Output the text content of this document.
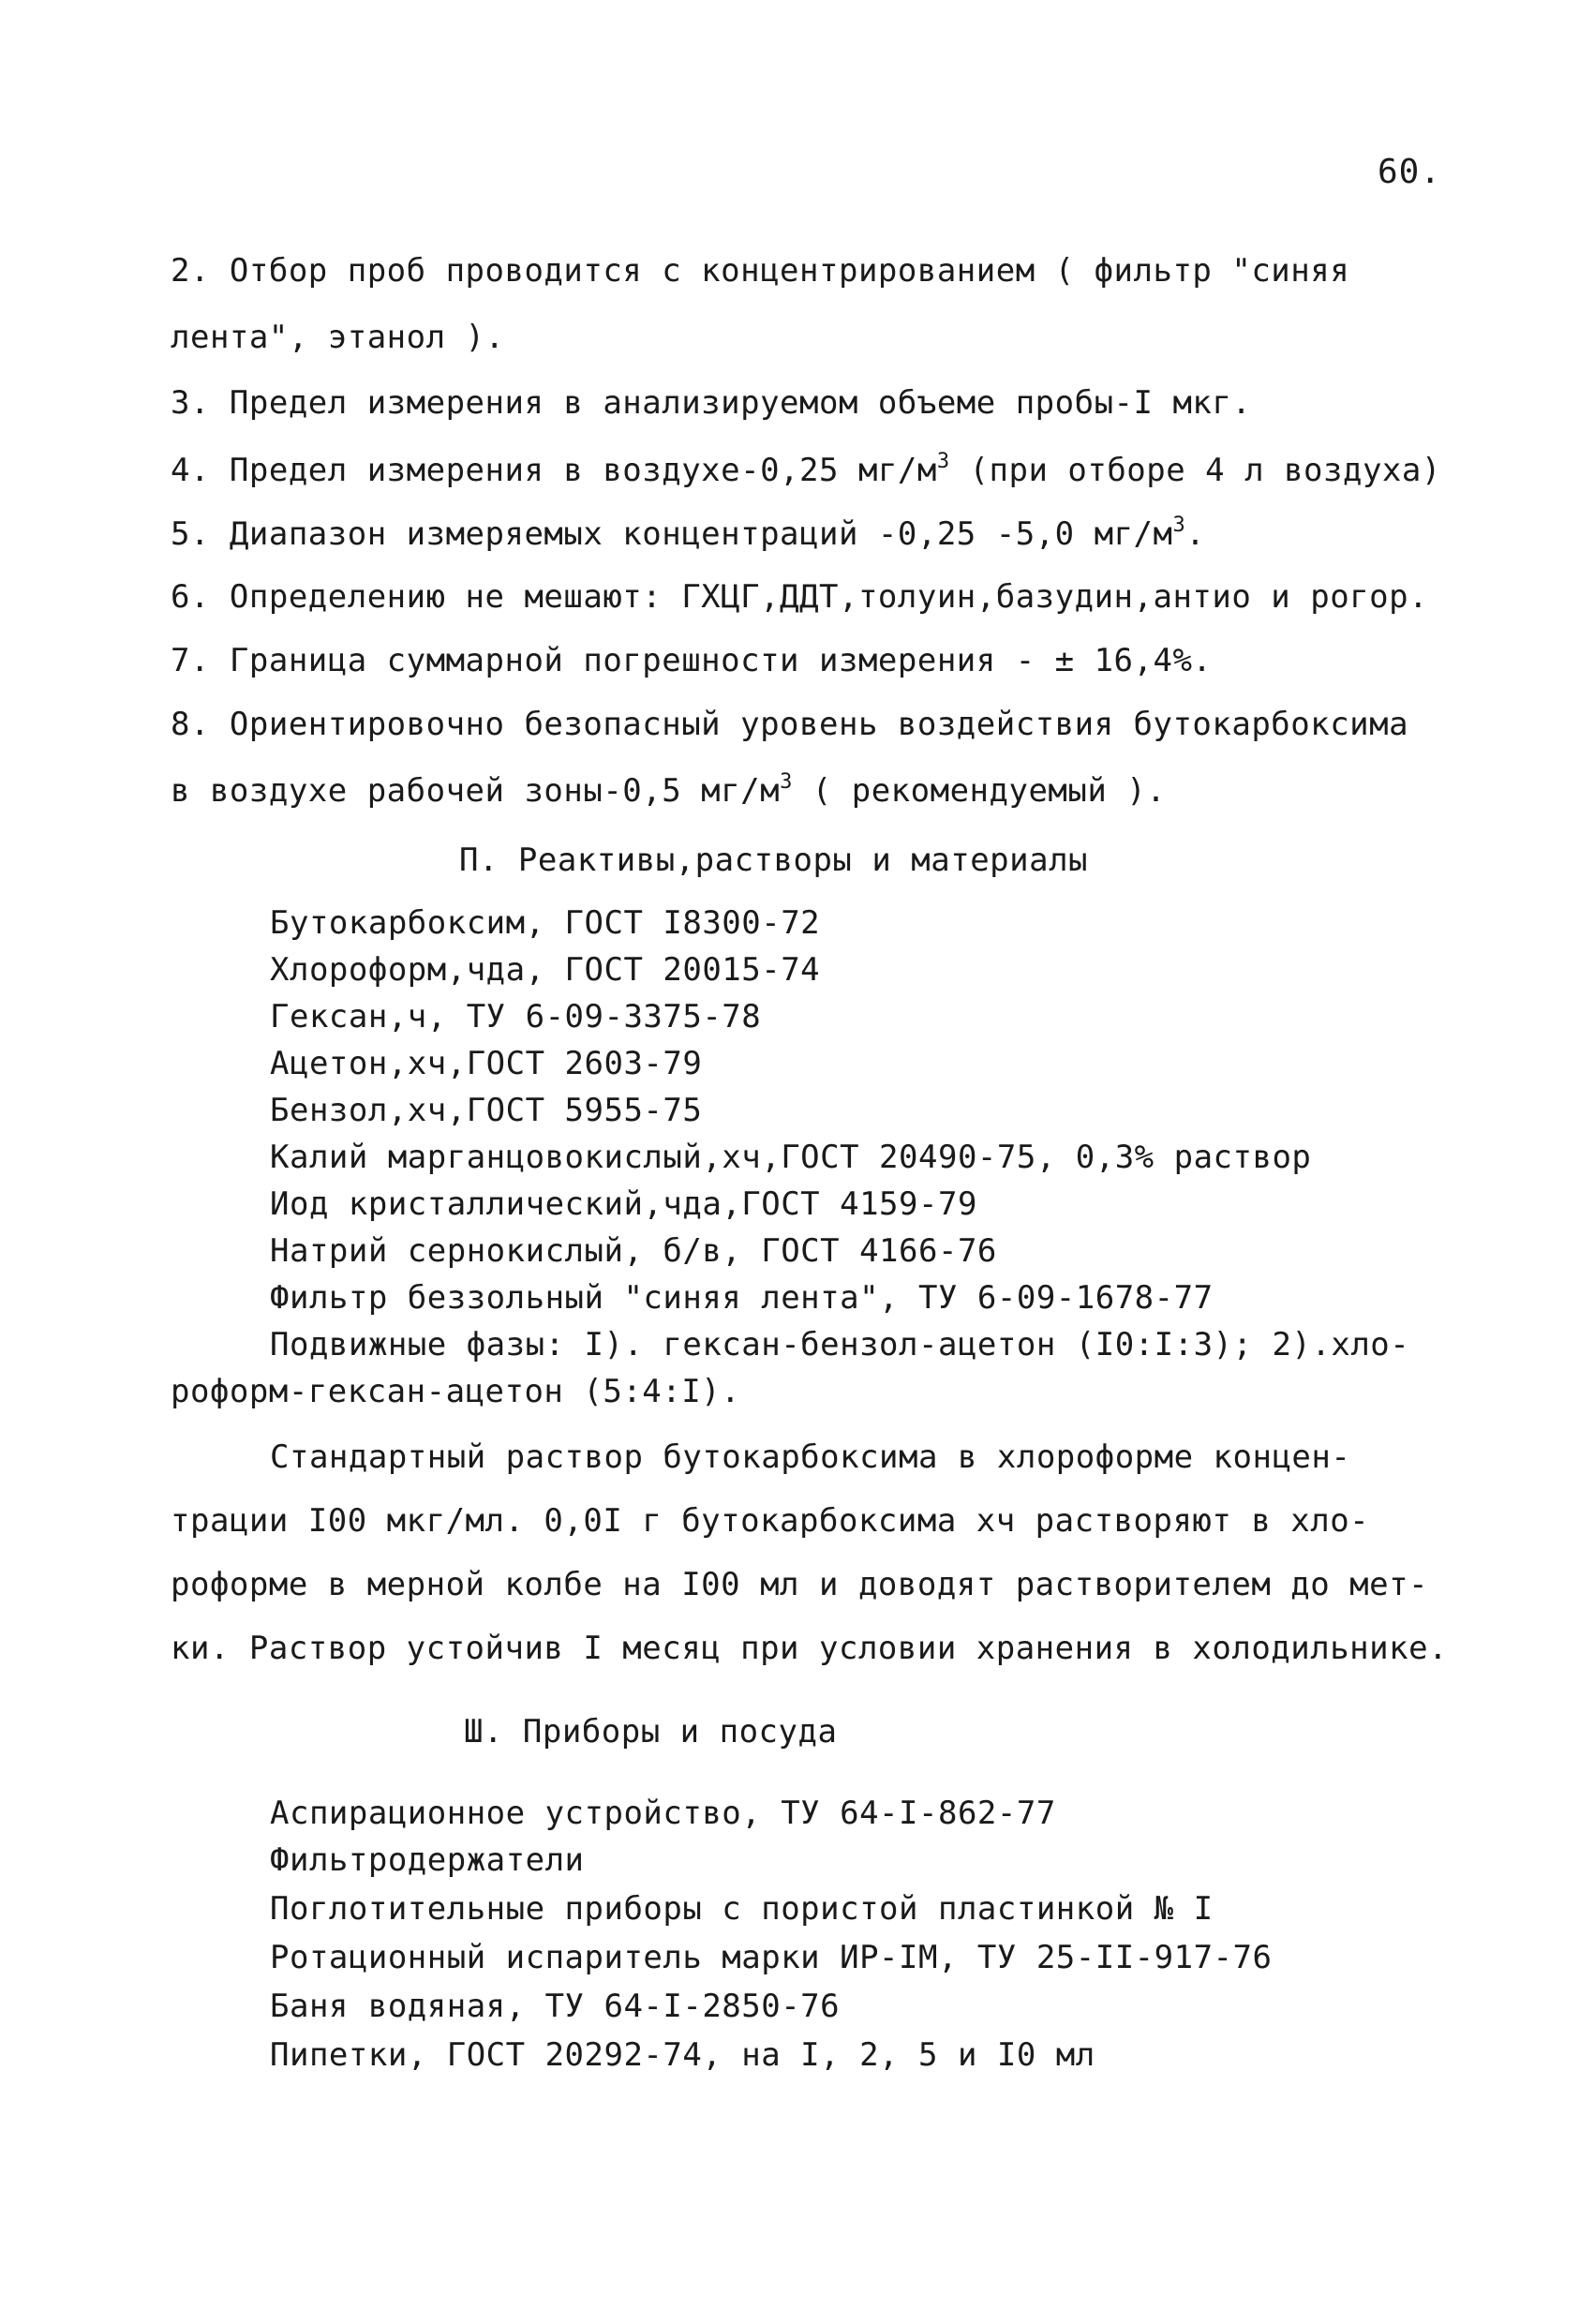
60.
2. Отбор проб проводится с концентрированием ( фильтр "синяя
лента", этанол ).
3. Предел измерения в анализируемом объеме пробы-I мкг.
4. Предел измерения в воздухе-0,25 $мг/м^3$ (при отборе 4 л воздуха)
5. Диапазон измеряемых концентраций -0,25 -5,0 $мг/м^3$.
6. Определению не мешают: ГХЦГ,ДДТ,толуин,базудин,антио и рогор.
7. Граница суммарной погрешности измерения - ± 16,4%.
8. Ориентировочно безопасный уровень воздействия бутокарбоксима
в воздухе рабочей зоны-0,5 $мг/м^3$ ( рекомендуемый ).
П. Реактивы,растворы и материалы
Бутокарбоксим, ГОСТ I8300-72
Хлороформ,чда, ГОСТ 20015-74
Гексан,ч, ТУ 6-09-3375-78
Ацетон,хч,ГОСТ 2603-79
Бензол,хч,ГОСТ 5955-75
Калий марганцовокислый,хч,ГОСТ 20490-75, 0,3% раствор
Иод кристаллический,чда,ГОСТ 4159-79
Натрий сернокислый, б/в, ГОСТ 4166-76
Фильтр беззольный "синяя лента", ТУ 6-09-1678-77
Подвижные фазы: I). гексан-бензол-ацетон (I0:I:3); 2).хло-
роформ-гексан-ацетон (5:4:I).
Стандартный раствор бутокарбоксима в хлороформе концен-
трации I00 мкг/мл. 0,0I г бутокарбоксима хч растворяют в хло-
роформе в мерной колбе на I00 мл и доводят растворителем до мет-
ки. Раствор устойчив I месяц при условии хранения в холодильнике.
Ш. Приборы и посуда
Аспирационное устройство, ТУ 64-I-862-77
Фильтродержатели
Поглотительные приборы с пористой пластинкой № I
Ротационный испаритель марки ИР-IМ, ТУ 25-II-917-76
Баня водяная, ТУ 64-I-2850-76
Пипетки, ГОСТ 20292-74, на I, 2, 5 и I0 мл
